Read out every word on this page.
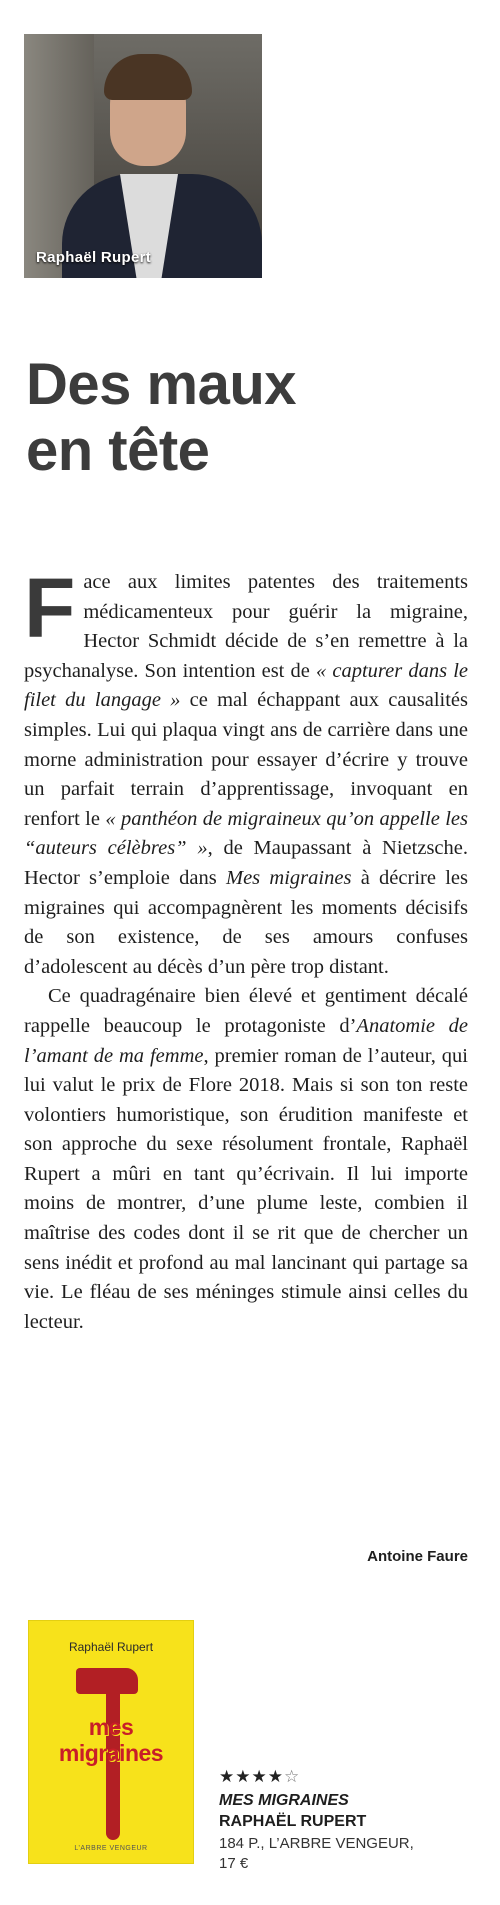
Raphaël Rupert
Des maux
en tête

Face aux limites patentes des traitements médicamenteux pour guérir la migraine, Hector Schmidt décide de s’en remettre à la psychanalyse. Son intention est de « capturer dans le filet du langage » ce mal échappant aux causalités simples. Lui qui plaqua vingt ans de carrière dans une morne administration pour essayer d’écrire y trouve un parfait terrain d’apprentissage, invoquant en renfort le « panthéon de migraineux qu’on appelle les “auteurs célèbres” », de Maupassant à Nietzsche. Hector s’emploie dans Mes migraines à décrire les migraines qui accompagnèrent les moments décisifs de son existence, de ses amours confuses d’adolescent au décès d’un père trop distant.

Ce quadragénaire bien élevé et gentiment décalé rappelle beaucoup le protagoniste d’Anatomie de l’amant de ma femme, premier roman de l’auteur, qui lui valut le prix de Flore 2018. Mais si son ton reste volontiers humoristique, son érudition manifeste et son approche du sexe résolument frontale, Raphaël Rupert a mûri en tant qu’écrivain. Il lui importe moins de montrer, d’une plume leste, combien il maîtrise des codes dont il se rit que de chercher un sens inédit et profond au mal lancinant qui partage sa vie. Le fléau de ses méninges stimule ainsi celles du lecteur.

Antoine Faure
Raphaël Rupert
mes
migraines
L’ARBRE VENGEUR
★★★★☆
MES MIGRAINES
RAPHAËL RUPERT
184 P., L’ARBRE VENGEUR,
17 €
